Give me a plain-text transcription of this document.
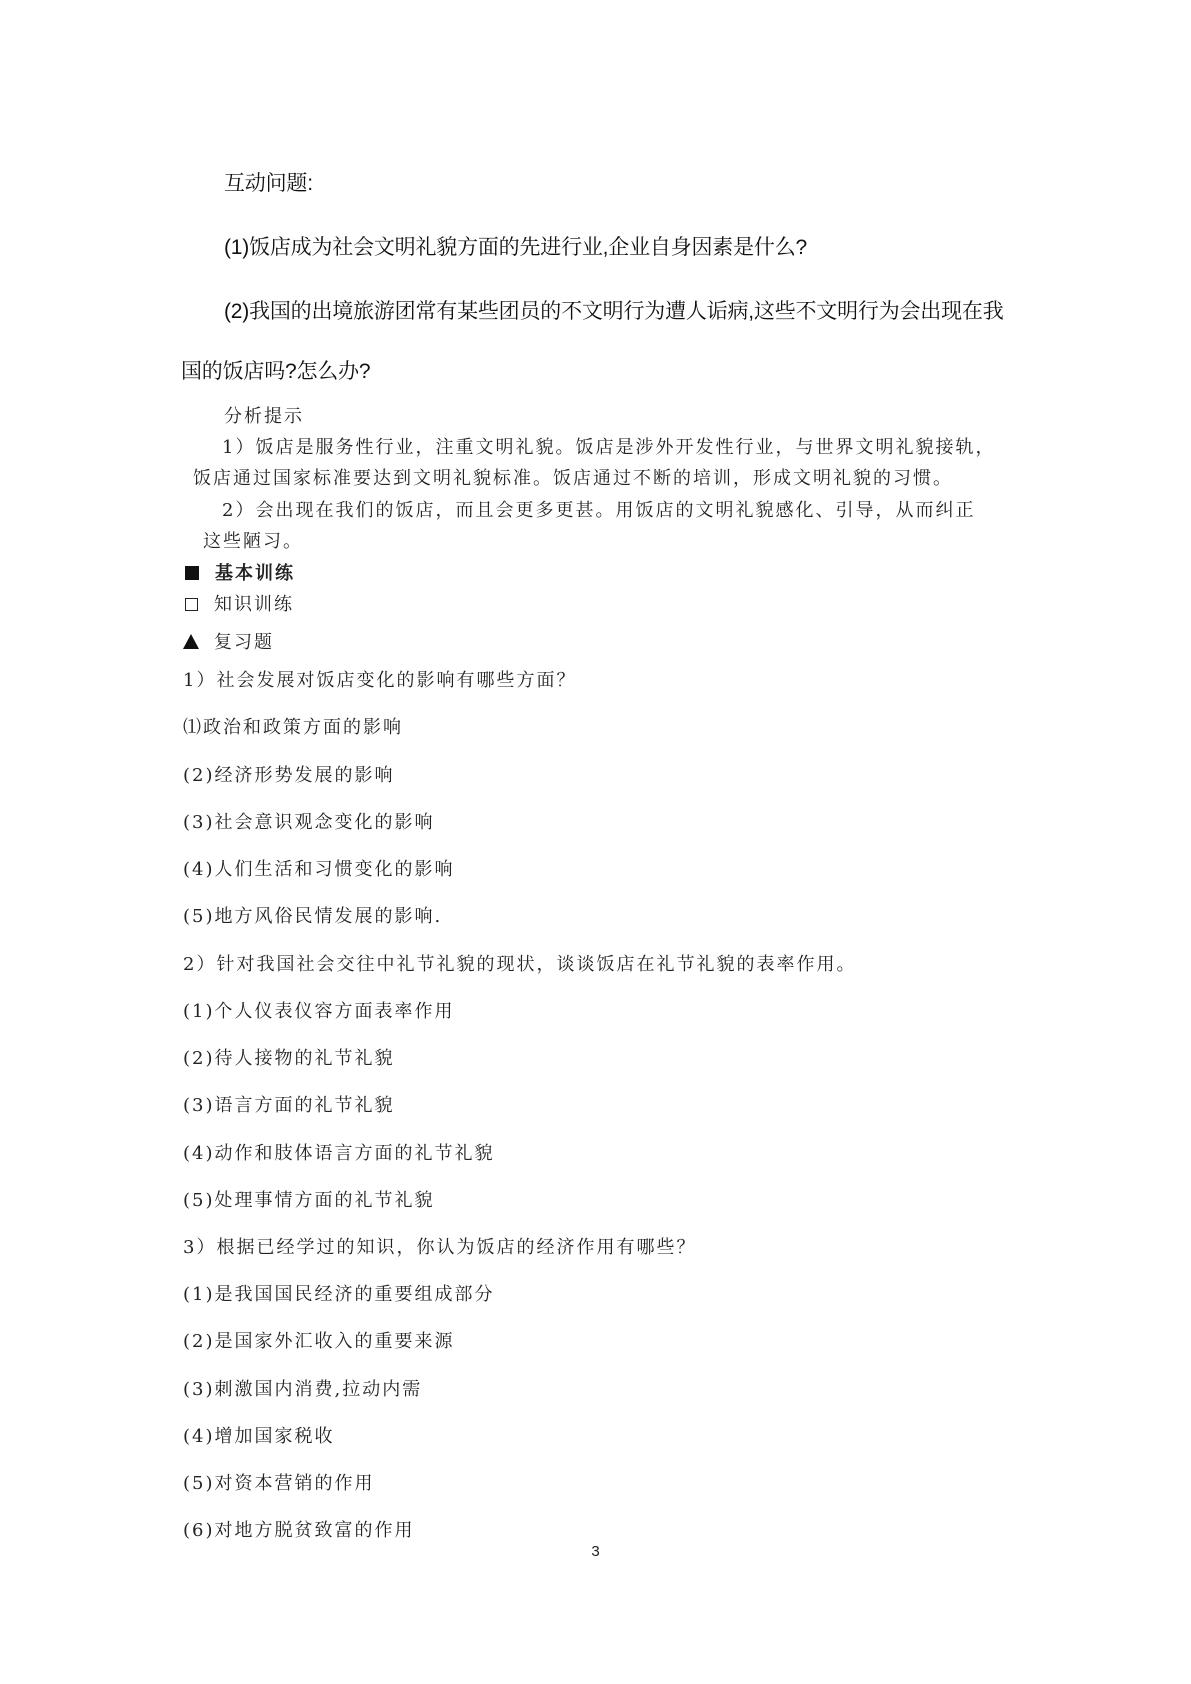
互动问题:

(1)饭店成为社会文明礼貌方面的先进行业,企业自身因素是什么?

(2)我国的出境旅游团常有某些团员的不文明行为遭人诟病,这些不文明行为会出现在我

国的饭店吗?怎么办?

分析提示

1）饭店是服务性行业，注重文明礼貌。饭店是涉外开发性行业，与世界文明礼貌接轨，

饭店通过国家标准要达到文明礼貌标准。饭店通过不断的培训，形成文明礼貌的习惯。

2）会出现在我们的饭店，而且会更多更甚。用饭店的文明礼貌感化、引导，从而纠正

这些陋习。

基本训练

知识训练

复习题

1）社会发展对饭店变化的影响有哪些方面？

⑴政治和政策方面的影响

(2)经济形势发展的影响

(3)社会意识观念变化的影响

(4)人们生活和习惯变化的影响

(5)地方风俗民情发展的影响.

2）针对我国社会交往中礼节礼貌的现状，谈谈饭店在礼节礼貌的表率作用。

(1)个人仪表仪容方面表率作用

(2)待人接物的礼节礼貌

(3)语言方面的礼节礼貌

(4)动作和肢体语言方面的礼节礼貌

(5)处理事情方面的礼节礼貌

3）根据已经学过的知识，你认为饭店的经济作用有哪些？

(1)是我国国民经济的重要组成部分

(2)是国家外汇收入的重要来源

(3)刺激国内消费,拉动内需

(4)增加国家税收

(5)对资本营销的作用

(6)对地方脱贫致富的作用

3
